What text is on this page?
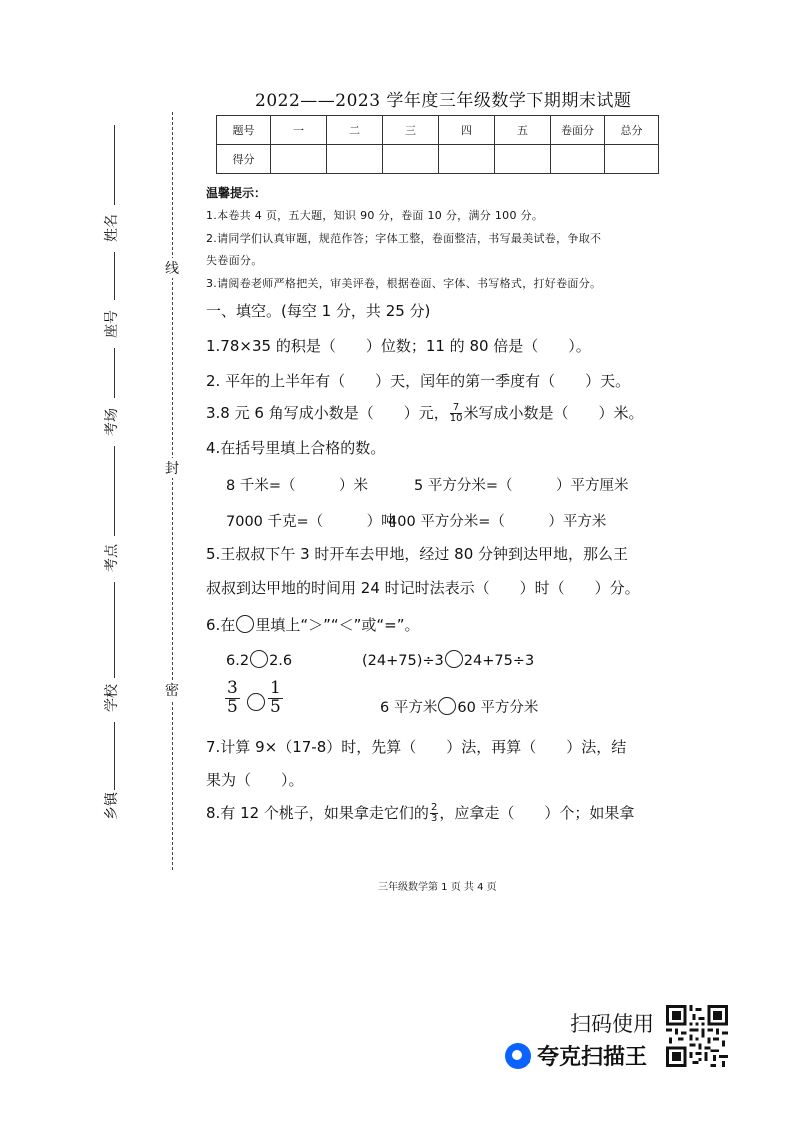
线
封
密
姓名
座号
考场
考点
学校
乡镇
2022——2023 学年度三年级数学下期期末试题
题号	一	二	三	四	五	卷面分	总分
得分							
温馨提示：
1.本卷共 4 页，五大题，知识 90 分，卷面 10 分，满分 100 分。
2.请同学们认真审题，规范作答；字体工整，卷面整洁，书写最美试卷，争取不
失卷面分。
3.请阅卷老师严格把关，审美评卷，根据卷面、字体、书写格式，打好卷面分。
一、填空。(每空 1 分，共 25 分)
1.78×35 的积是（　　）位数；11 的 80 倍是（　　）。
2. 平年的上半年有（　　）天，闰年的第一季度有（　　）天。
3.8 元 6 角写成小数是（　　）元， $\frac{7}{10}$ 米写成小数是（　　）米。
4.在括号里填上合格的数。
8 千米=（　　　）米	5 平方分米=（　　　）平方厘米
7000 千克=（　　　）吨
400 平方分米=（　　　）平方米
5.王叔叔下午 3 时开车去甲地，经过 80 分钟到达甲地，那么王
叔叔到达甲地的时间用 24 时记时法表示（　　）时（　　）分。
6.在 里填上“＞”“＜”或“=”。
6.2 2.6	(24+75)÷3 24+75÷3
$\frac{3}{5} \frac{1}{5}$	6 平方米 60 平方分米
7.计算 9×（17-8）时，先算（　　）法，再算（　　）法，结
果为（　　）。
8.有 12 个桃子，如果拿走它们的 $\frac{2}{3}$ ，应拿走（　　）个；如果拿
三年级数学第 1 页 共 4 页
扫码使用
夸克扫描王
